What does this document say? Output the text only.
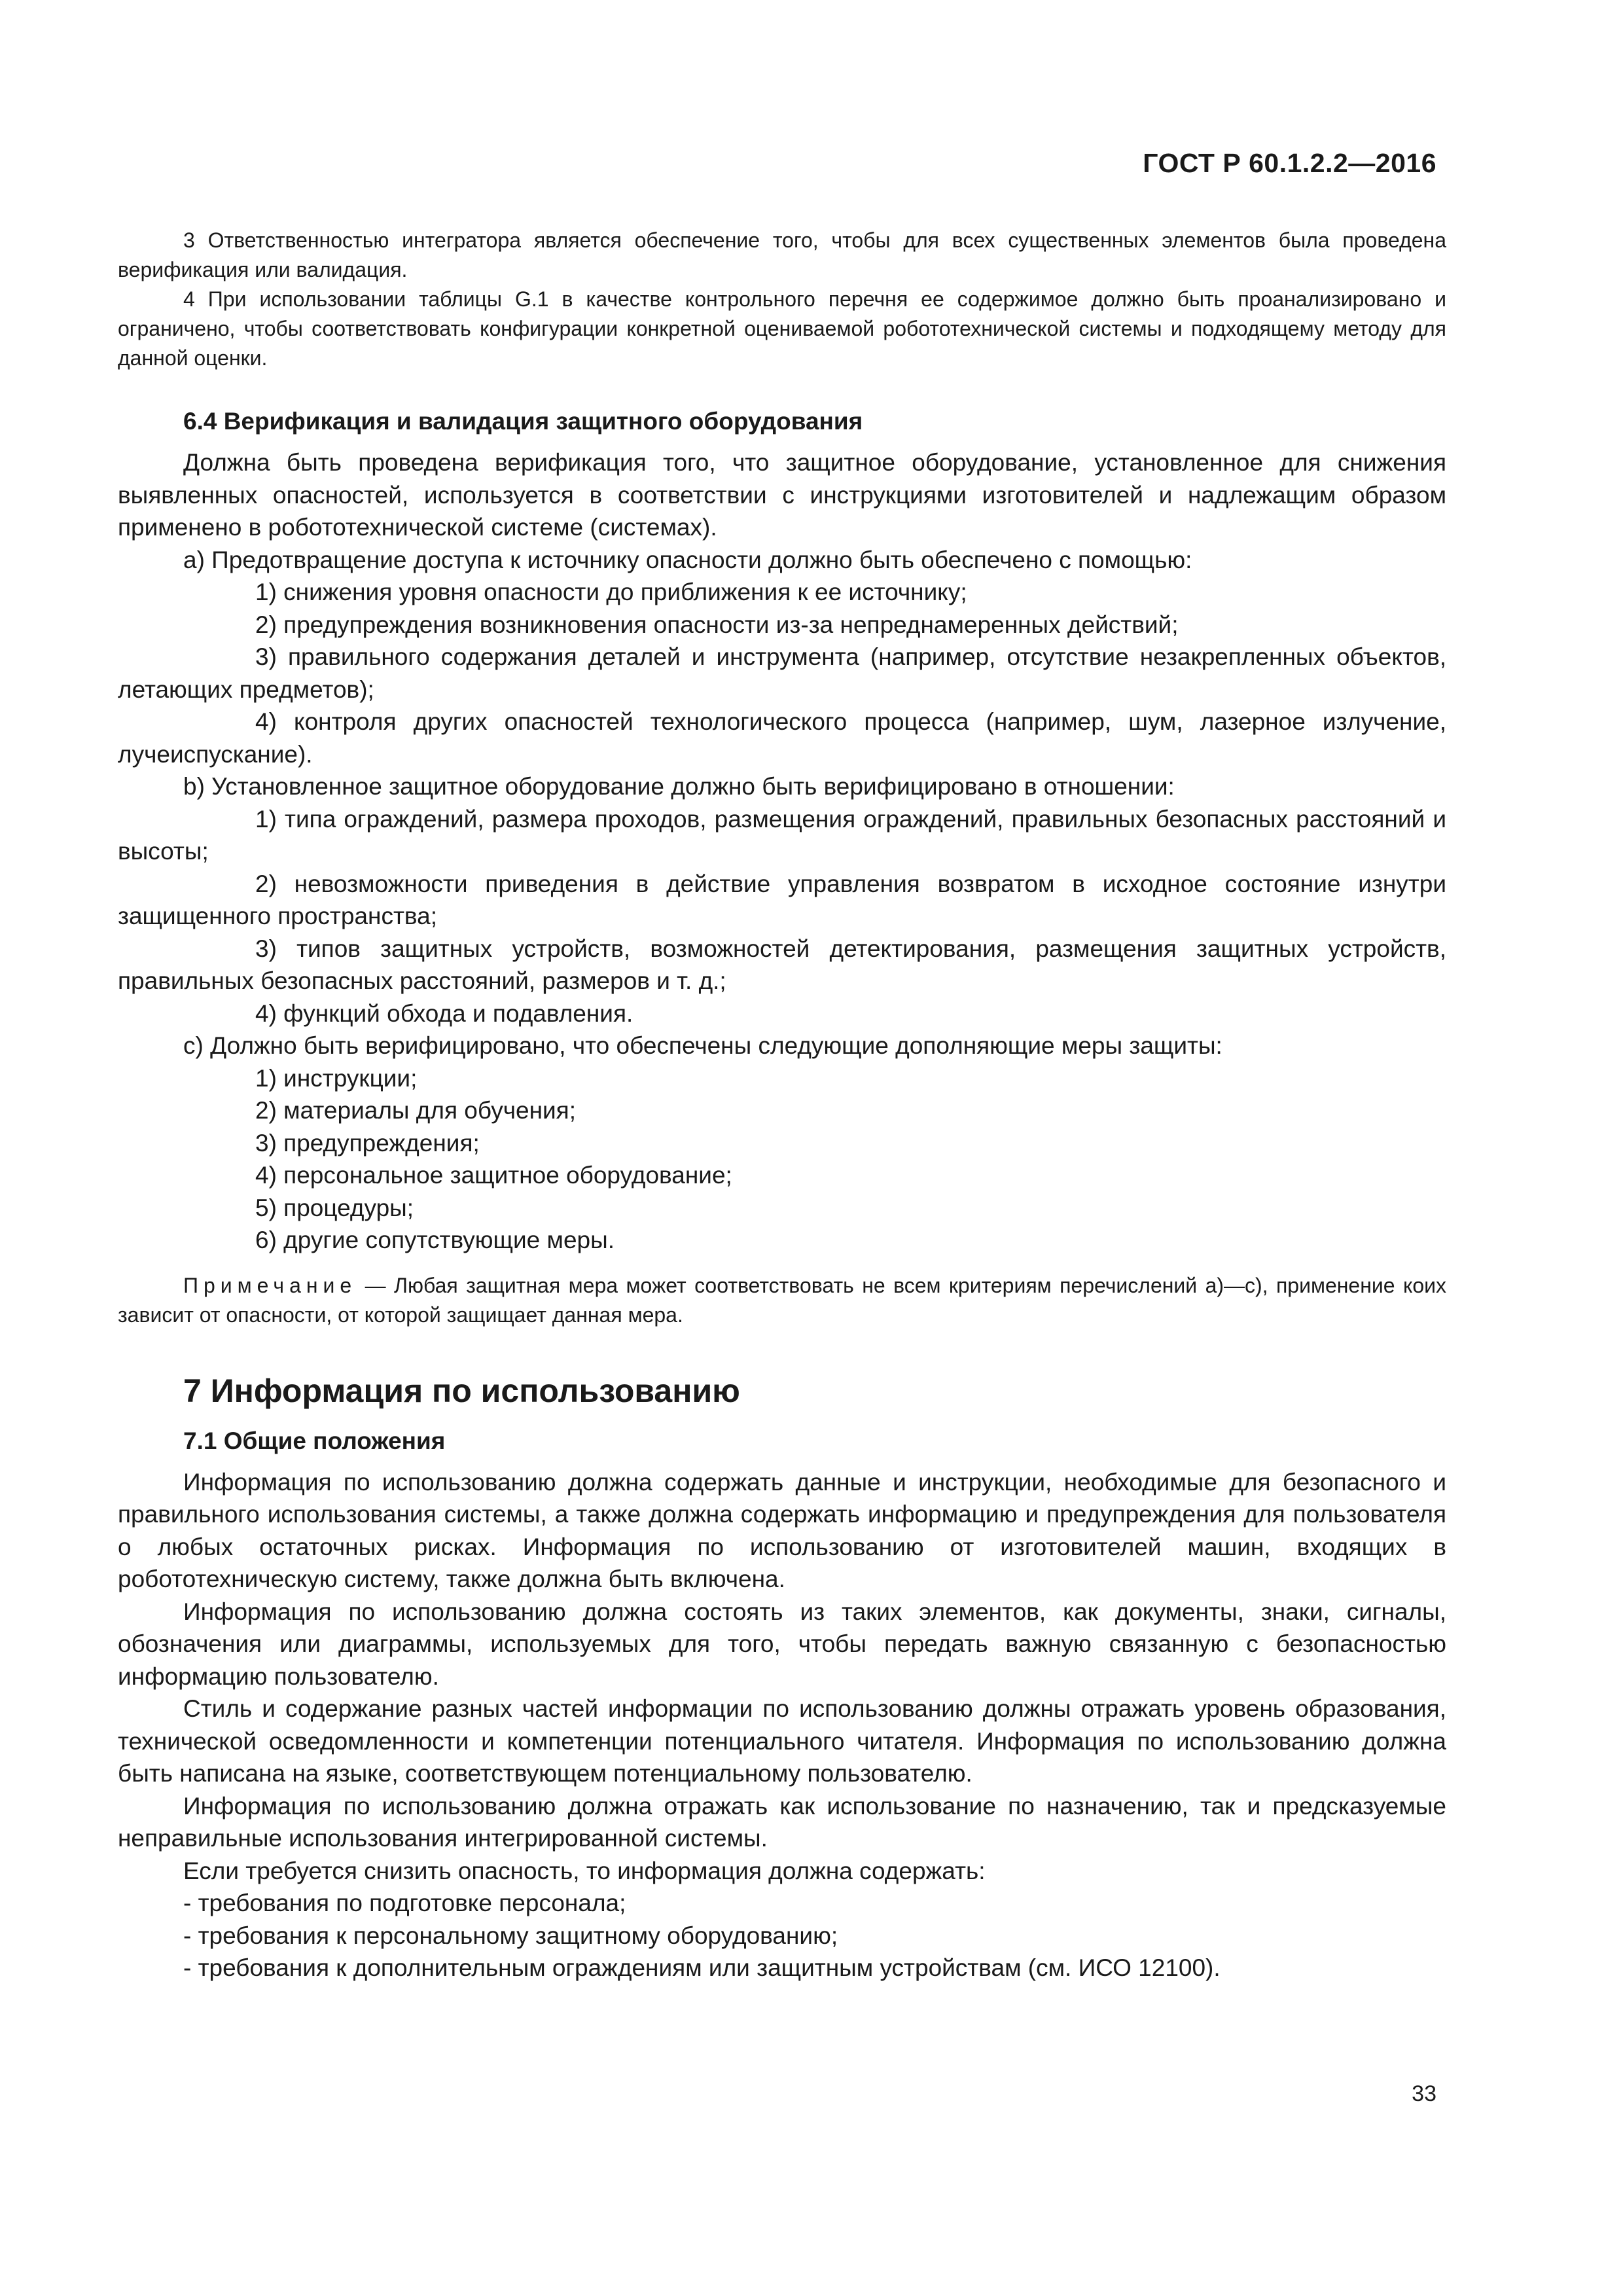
ГОСТ Р 60.1.2.2—2016

3 Ответственностью интегратора является обеспечение того, чтобы для всех существенных элементов была проведена верификация или валидация.

4 При использовании таблицы G.1 в качестве контрольного перечня ее содержимое должно быть проанализировано и ограничено, чтобы соответствовать конфигурации конкретной оцениваемой робототехнической системы и подходящему методу для данной оценки.

6.4 Верификация и валидация защитного оборудования

Должна быть проведена верификация того, что защитное оборудование, установленное для снижения выявленных опасностей, используется в соответствии с инструкциями изготовителей и надлежащим образом применено в робототехнической системе (системах).

a) Предотвращение доступа к источнику опасности должно быть обеспечено с помощью:

1) снижения уровня опасности до приближения к ее источнику;

2) предупреждения возникновения опасности из-за непреднамеренных действий;

3) правильного содержания деталей и инструмента (например, отсутствие незакрепленных объектов, летающих предметов);

4) контроля других опасностей технологического процесса (например, шум, лазерное излучение, лучеиспускание).

b) Установленное защитное оборудование должно быть верифицировано в отношении:

1) типа ограждений, размера проходов, размещения ограждений, правильных безопасных расстояний и высоты;

2) невозможности приведения в действие управления возвратом в исходное состояние изнутри защищенного пространства;

3) типов защитных устройств, возможностей детектирования, размещения защитных устройств, правильных безопасных расстояний, размеров и т. д.;

4) функций обхода и подавления.

c) Должно быть верифицировано, что обеспечены следующие дополняющие меры защиты:

1) инструкции;

2) материалы для обучения;

3) предупреждения;

4) персональное защитное оборудование;

5) процедуры;

6) другие сопутствующие меры.

Примечание — Любая защитная мера может соответствовать не всем критериям перечислений a)—c), применение коих зависит от опасности, от которой защищает данная мера.

7 Информация по использованию
7.1 Общие положения

Информация по использованию должна содержать данные и инструкции, необходимые для безопасного и правильного использования системы, а также должна содержать информацию и предупреждения для пользователя о любых остаточных рисках. Информация по использованию от изготовителей машин, входящих в робототехническую систему, также должна быть включена.

Информация по использованию должна состоять из таких элементов, как документы, знаки, сигналы, обозначения или диаграммы, используемых для того, чтобы передать важную связанную с безопасностью информацию пользователю.

Стиль и содержание разных частей информации по использованию должны отражать уровень образования, технической осведомленности и компетенции потенциального читателя. Информация по использованию должна быть написана на языке, соответствующем потенциальному пользователю.

Информация по использованию должна отражать как использование по назначению, так и предсказуемые неправильные использования интегрированной системы.

Если требуется снизить опасность, то информация должна содержать:

- требования по подготовке персонала;

- требования к персональному защитному оборудованию;

- требования к дополнительным ограждениям или защитным устройствам (см. ИСО 12100).

33
